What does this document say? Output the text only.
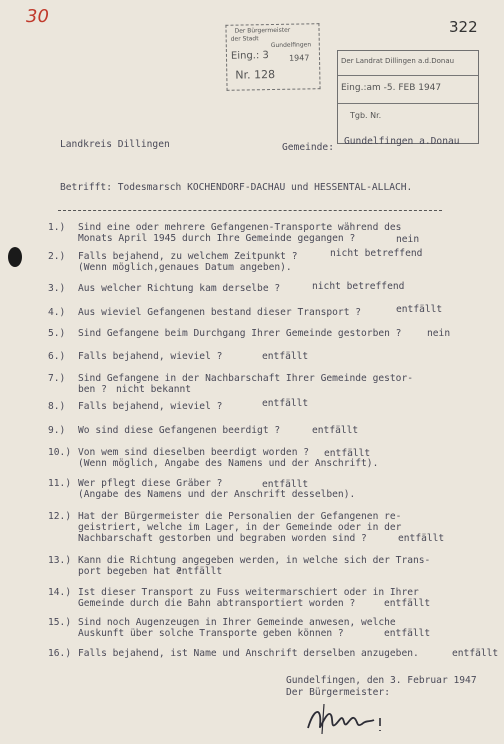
30	322
Der Bürgermeister
der Stadt
Gundelfingen
Eing.: 3 1947
Nr. 128
Der Landrat Dillingen a.d.Donau
Eing.:am -5. FEB 1947
Tgb. Nr.
Landkreis Dillingen	Gemeinde:
Gundelfingen a.Donau
Betrifft: Todesmarsch KOCHENDORF-DACHAU und HESSENTAL-ALLACH.
1.) Sind eine oder mehrere Gefangenen-Transporte während des
Monats April 1945 durch Ihre Gemeinde gegangen ?	nein
2.) Falls bejahend, zu welchem Zeitpunkt ?
(Wenn möglich,genaues Datum angeben).
nicht betreffend
3.) Aus welcher Richtung kam derselbe ?	nicht betreffend
4.) Aus wieviel Gefangenen bestand dieser Transport ?	entfällt
5.) Sind Gefangene beim Durchgang Ihrer Gemeinde gestorben ?	nein
6.) Falls bejahend, wieviel ?	entfällt
7.) Sind Gefangene in der Nachbarschaft Ihrer Gemeinde gestor-
ben ? nicht bekannt
8.) Falls bejahend, wieviel ?	entfällt
9.) Wo sind diese Gefangenen beerdigt ?	entfällt
10.) Von wem sind dieselben beerdigt worden ?
(Wenn möglich, Angabe des Namens und der Anschrift).
entfällt
11.) Wer pflegt diese Gräber ?
(Angabe des Namens und der Anschrift desselben).
entfällt
12.) Hat der Bürgermeister die Personalien der Gefangenen re-
geistriert, welche im Lager, in der Gemeinde oder in der
Nachbarschaft gestorben und begraben worden sind ?	entfällt
13.) Kann die Richtung angegeben werden, in welche sich der Trans-
port begeben hat ?
entfällt
14.) Ist dieser Transport zu Fuss weitermarschiert oder in Ihrer
Gemeinde durch die Bahn abtransportiert worden ?	entfällt
15.) Sind noch Augenzeugen in Ihrer Gemeinde anwesen, welche
Auskunft über solche Transporte geben können ?	entfällt
16.) Falls bejahend, ist Name und Anschrift derselben anzugeben.	entfällt
Gundelfingen, den 3. Februar 1947
Der Bürgermeister:
